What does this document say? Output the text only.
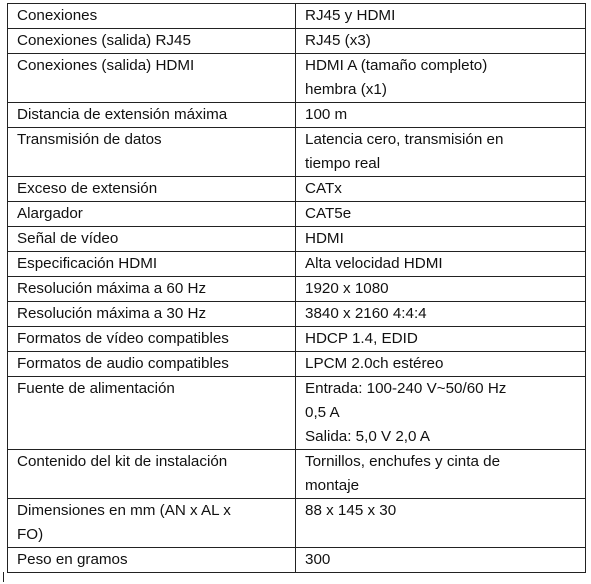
Conexiones	RJ45 y HDMI
Conexiones (salida) RJ45	RJ45 (x3)
Conexiones (salida) HDMI	HDMI A (tamaño completo)
hembra (x1)
Distancia de extensión máxima	100 m
Transmisión de datos	Latencia cero, transmisión en
tiempo real
Exceso de extensión	CATx
Alargador	CAT5e
Señal de vídeo	HDMI
Especificación HDMI	Alta velocidad HDMI
Resolución máxima a 60 Hz	1920 x 1080
Resolución máxima a 30 Hz	3840 x 2160 4:4:4
Formatos de vídeo compatibles	HDCP 1.4, EDID
Formatos de audio compatibles	LPCM 2.0ch estéreo
Fuente de alimentación	Entrada: 100-240 V~50/60 Hz
0,5 A
Salida: 5,0 V 2,0 A
Contenido del kit de instalación	Tornillos, enchufes y cinta de
montaje
Dimensiones en mm (AN x AL x
FO)	88 x 145 x 30
Peso en gramos	300
